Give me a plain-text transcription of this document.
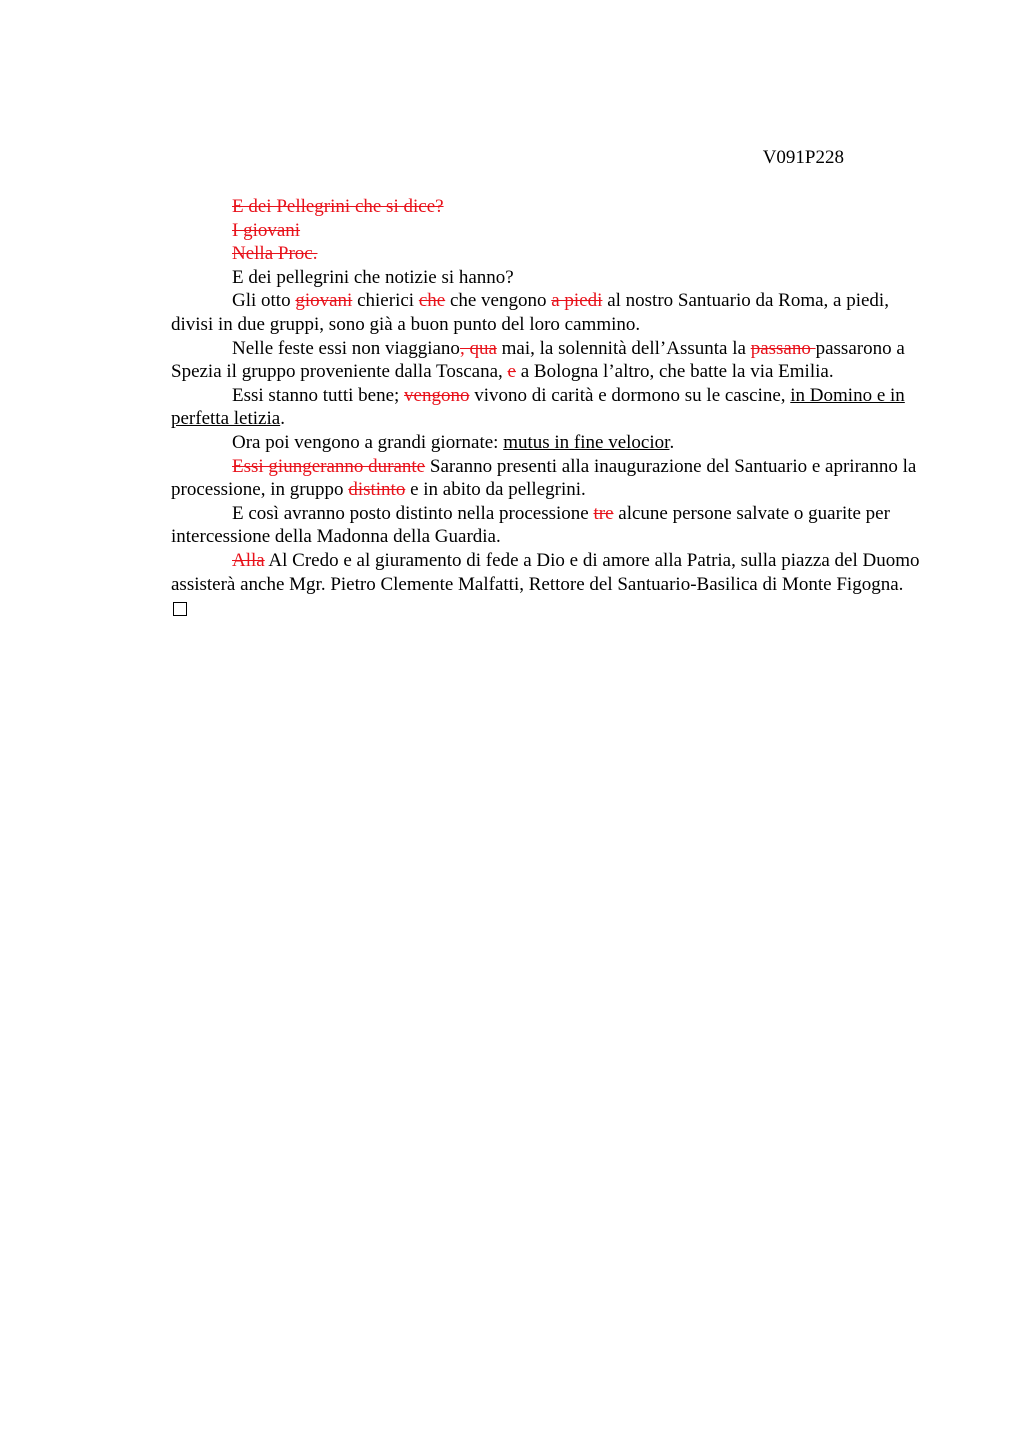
V091P228

E dei Pellegrini che si dice?

I giovani

Nella Proc.

E dei pellegrini che notizie si hanno?

Gli otto giovani chierici che che vengono a piedi al nostro Santuario da Roma, a piedi, divisi in due gruppi, sono già a buon punto del loro cammino.

Nelle feste essi non viaggiano, qua mai, la solennità dell’Assunta la passano passarono a Spezia il gruppo proveniente dalla Toscana, e a Bologna l’altro, che batte la via Emilia.

Essi stanno tutti bene; vengono vivono di carità e dormono su le cascine, in Domino e in perfetta letizia.

Ora poi vengono a grandi giornate: mutus in fine velocior.

Essi giungeranno durante Saranno presenti alla inaugurazione del Santuario e apriranno la processione, in gruppo distinto e in abito da pellegrini.

E così avranno posto distinto nella processione tre alcune persone salvate o guarite per intercessione della Madonna della Guardia.

Alla Al Credo e al giuramento di fede a Dio e di amore alla Patria, sulla piazza del Duomo assisterà anche Mgr. Pietro Clemente Malfatti, Rettore del Santuario-Basilica di Monte Figogna.
